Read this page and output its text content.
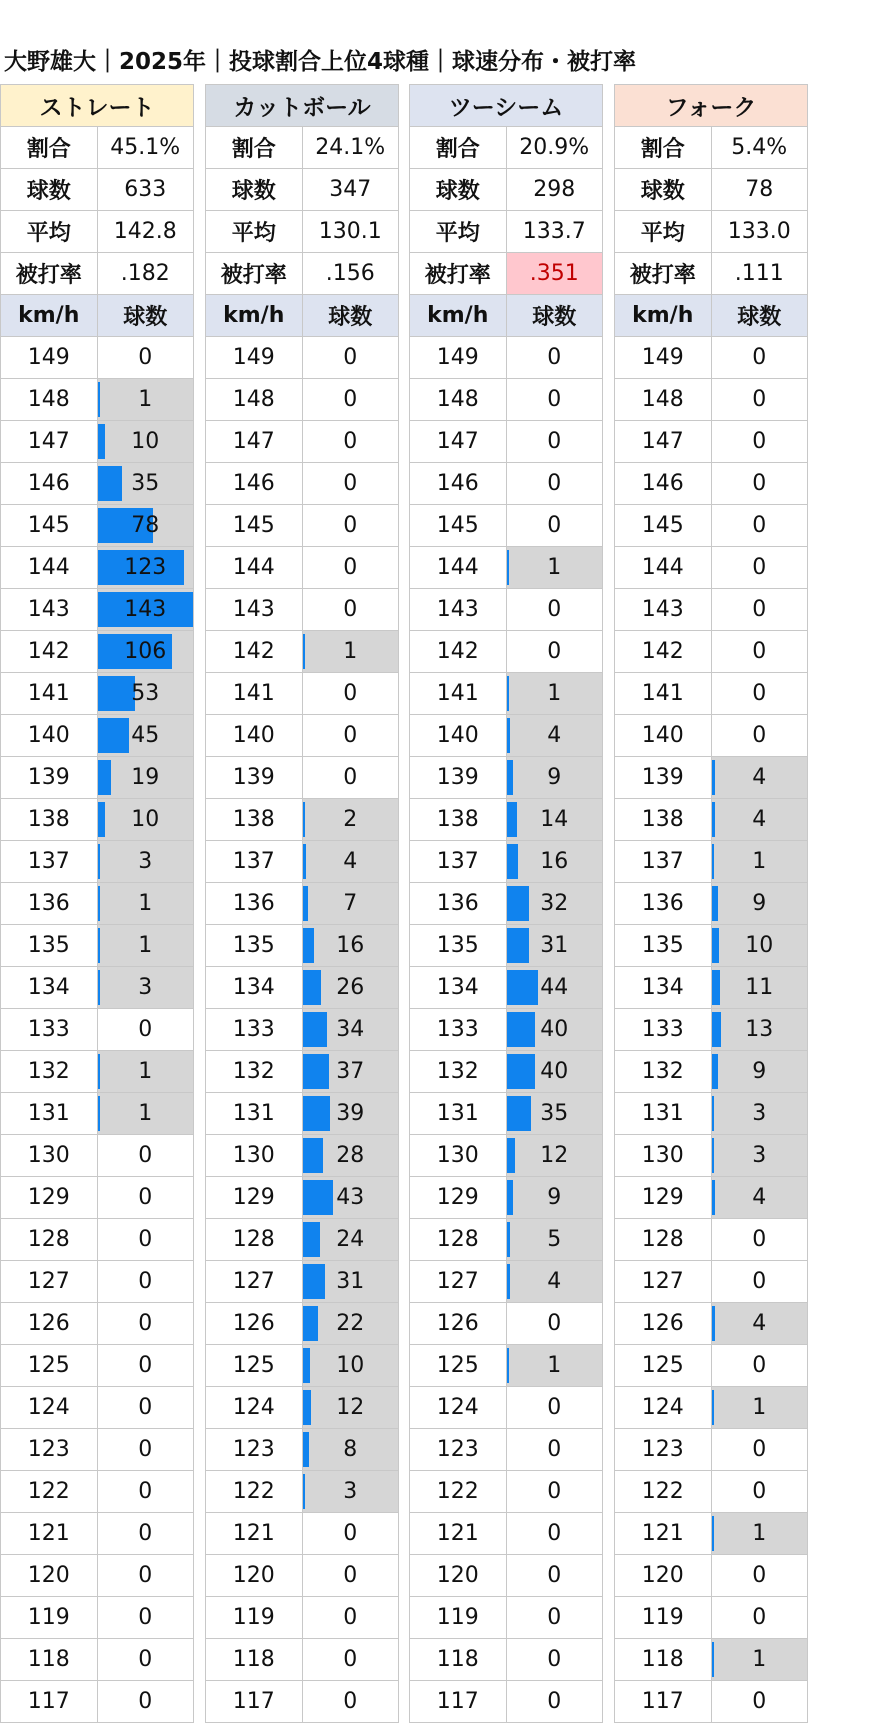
大野雄大｜2025年｜投球割合上位4球種｜球速分布・被打率
ストレート	
割合	45.1%
球数	633
平均	142.8
被打率	.182
km/h	球数
149	0
148	1
147	10
146	35
145	78
144	123
143	143
142	106
141	53
140	45
139	19
138	10
137	3
136	1
135	1
134	3
133	0
132	1
131	1
130	0
129	0
128	0
127	0
126	0
125	0
124	0
123	0
122	0
121	0
120	0
119	0
118	0
117	0
カットボール	
割合	24.1%
球数	347
平均	130.1
被打率	.156
km/h	球数
149	0
148	0
147	0
146	0
145	0
144	0
143	0
142	1
141	0
140	0
139	0
138	2
137	4
136	7
135	16
134	26
133	34
132	37
131	39
130	28
129	43
128	24
127	31
126	22
125	10
124	12
123	8
122	3
121	0
120	0
119	0
118	0
117	0
ツーシーム	
割合	20.9%
球数	298
平均	133.7
被打率	.351
km/h	球数
149	0
148	0
147	0
146	0
145	0
144	1
143	0
142	0
141	1
140	4
139	9
138	14
137	16
136	32
135	31
134	44
133	40
132	40
131	35
130	12
129	9
128	5
127	4
126	0
125	1
124	0
123	0
122	0
121	0
120	0
119	0
118	0
117	0
フォーク	
割合	5.4%
球数	78
平均	133.0
被打率	.111
km/h	球数
149	0
148	0
147	0
146	0
145	0
144	0
143	0
142	0
141	0
140	0
139	4
138	4
137	1
136	9
135	10
134	11
133	13
132	9
131	3
130	3
129	4
128	0
127	0
126	4
125	0
124	1
123	0
122	0
121	1
120	0
119	0
118	1
117	0
